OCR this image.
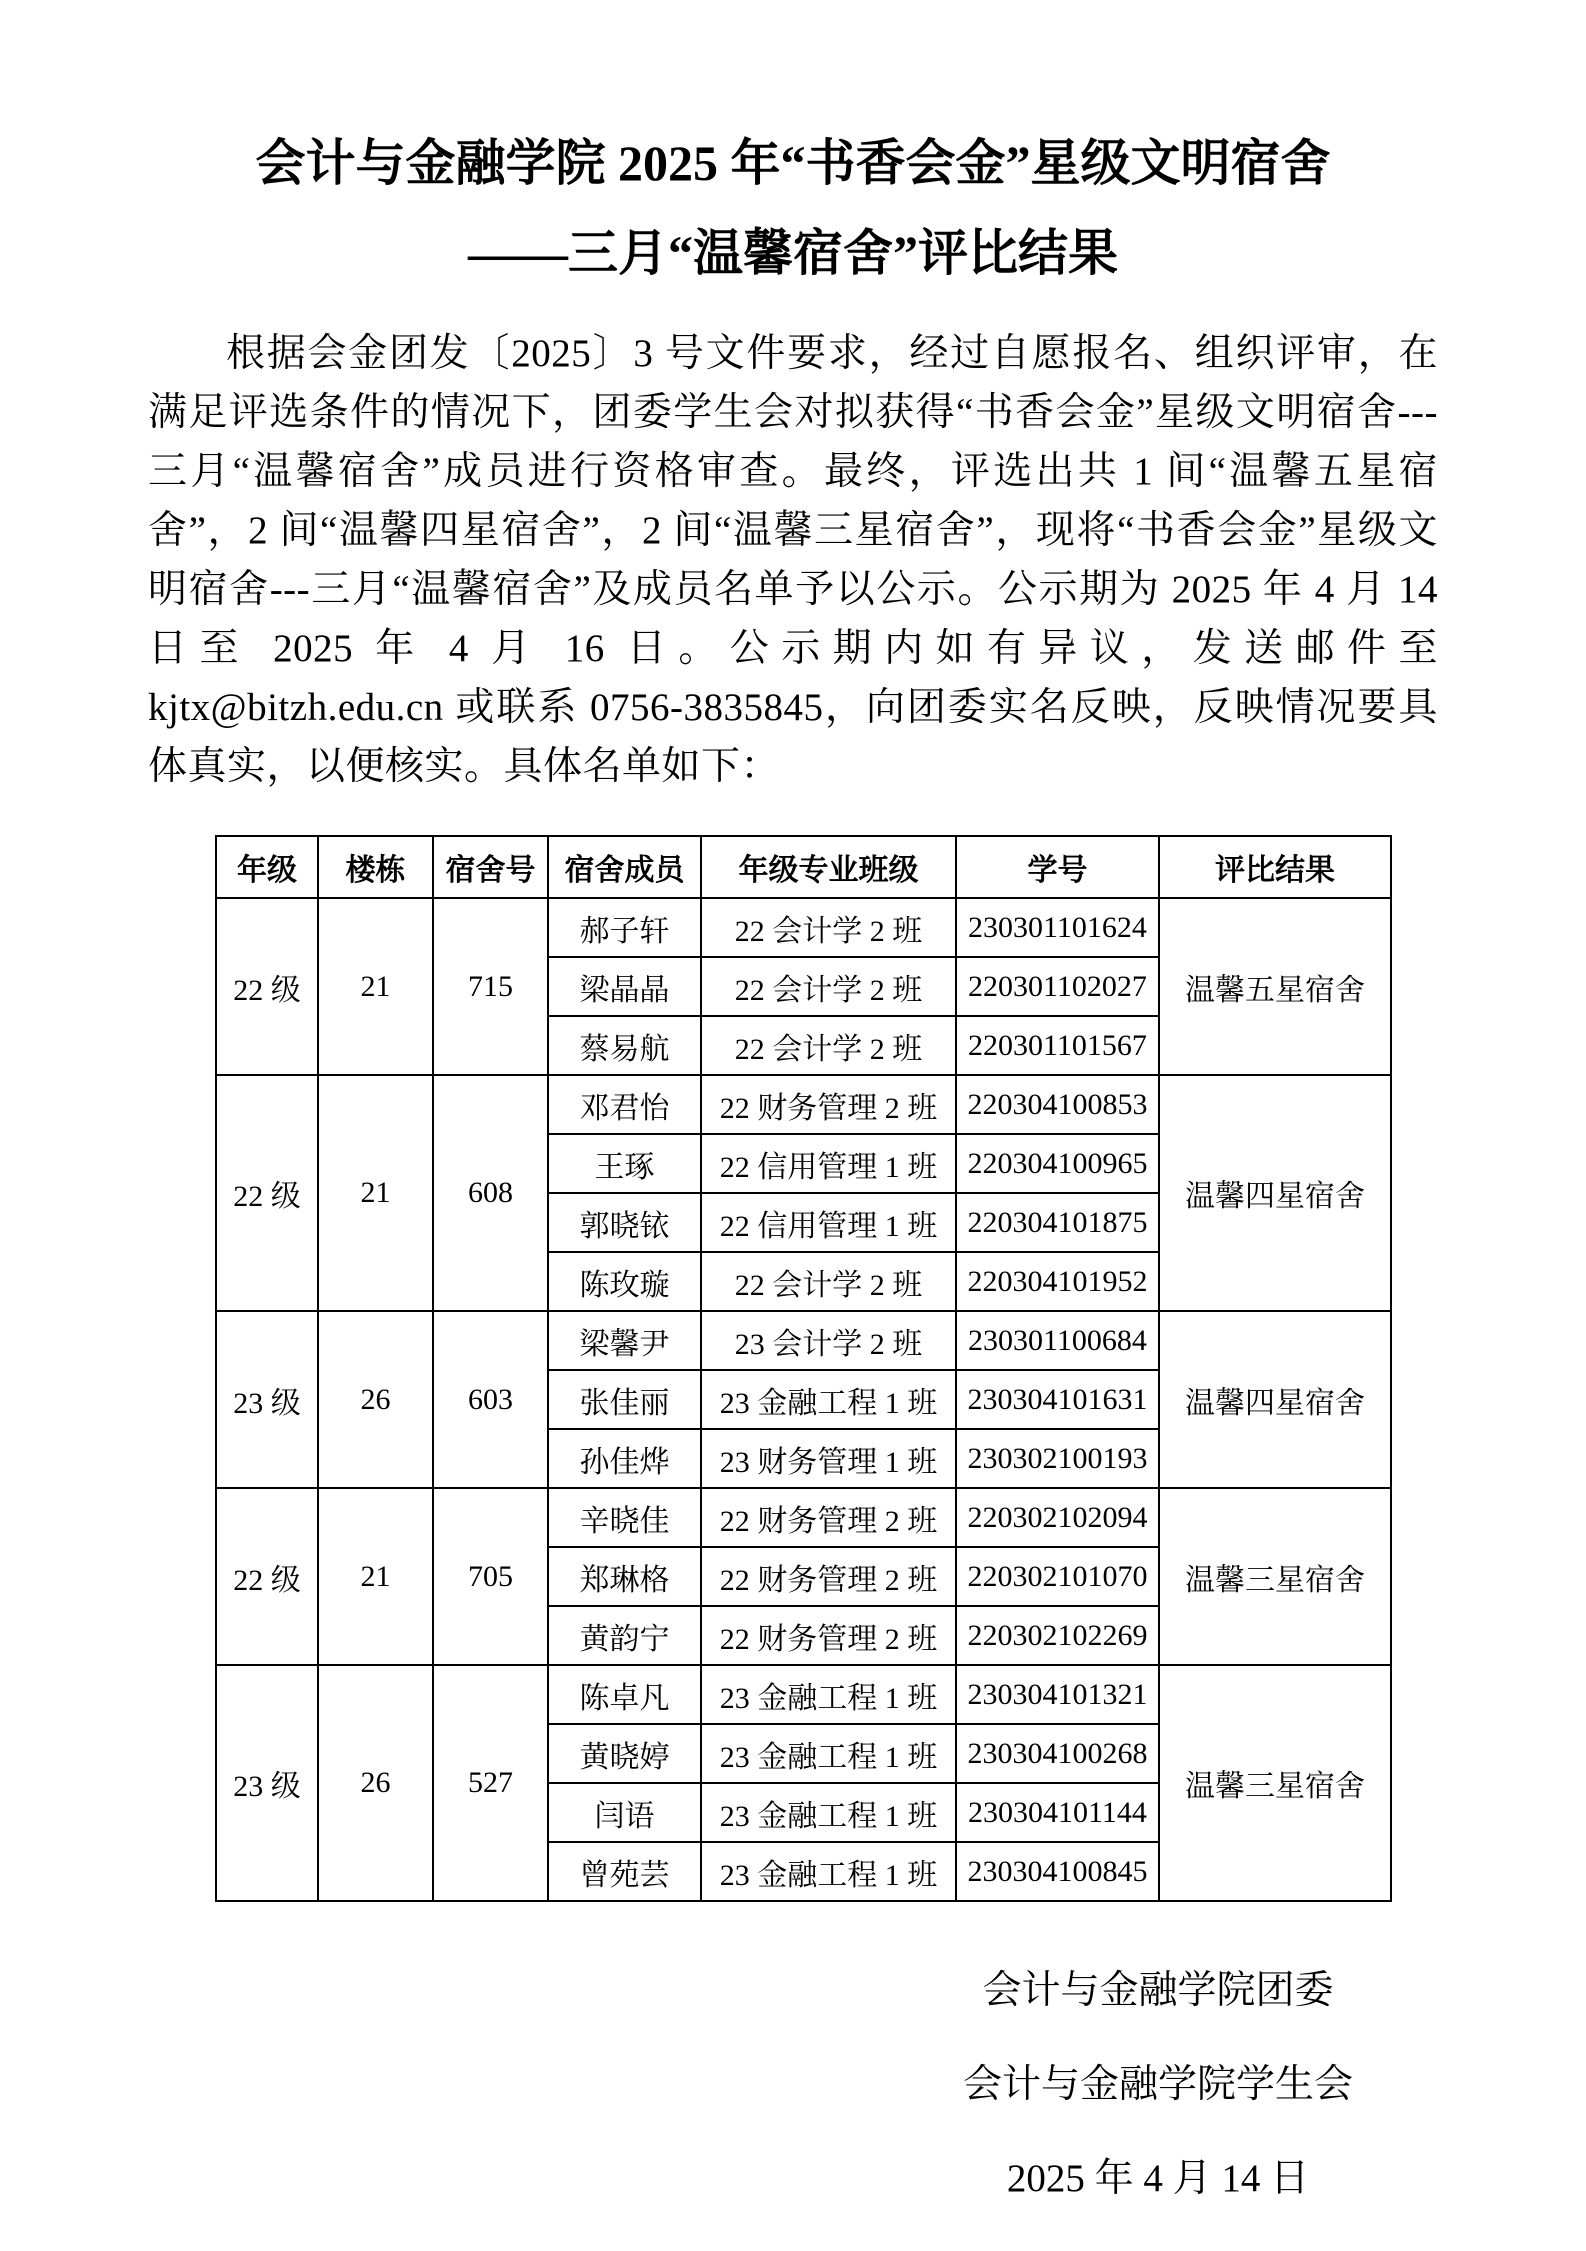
会计与金融学院 2025 年“书香会金”星级文明宿舍
——三月“温馨宿舍”评比结果

根据会金团发〔2025〕3 号文件要求，经过自愿报名、组织评审，在满足评选条件的情况下，团委学生会对拟获得“书香会金”星级文明宿舍---三月“温馨宿舍”成员进行资格审查。最终，评选出共 1 间“温馨五星宿舍”，2 间“温馨四星宿舍”，2 间“温馨三星宿舍”，现将“书香会金”星级文明宿舍---三月“温馨宿舍”及成员名单予以公示。公示期为 2025 年 4 月 14 日至 2025 年 4 月 16 日。公示期内如有异议，发送邮件至 kjtx@bitzh.edu.cn 或联系 0756-3835845，向团委实名反映，反映情况要具体真实，以便核实。具体名单如下：

年级	楼栋	宿舍号	宿舍成员	年级专业班级	学号	评比结果
22 级	21	715	郝子轩	22 会计学 2 班	230301101624	温馨五星宿舍
			梁晶晶	22 会计学 2 班	220301102027	
			蔡易航	22 会计学 2 班	220301101567	
22 级	21	608	邓君怡	22 财务管理 2 班	220304100853	温馨四星宿舍
			王琢	22 信用管理 1 班	220304100965	
			郭晓铱	22 信用管理 1 班	220304101875	
			陈玫璇	22 会计学 2 班	220304101952	
23 级	26	603	梁馨尹	23 会计学 2 班	230301100684	温馨四星宿舍
			张佳丽	23 金融工程 1 班	230304101631	
			孙佳烨	23 财务管理 1 班	230302100193	
22 级	21	705	辛晓佳	22 财务管理 2 班	220302102094	温馨三星宿舍
			郑琳格	22 财务管理 2 班	220302101070	
			黄韵宁	22 财务管理 2 班	220302102269	
23 级	26	527	陈卓凡	23 金融工程 1 班	230304101321	温馨三星宿舍
			黄晓婷	23 金融工程 1 班	230304100268	
			闫语	23 金融工程 1 班	230304101144	
			曾苑芸	23 金融工程 1 班	230304100845	
会计与金融学院团委
会计与金融学院学生会
2025 年 4 月 14 日
